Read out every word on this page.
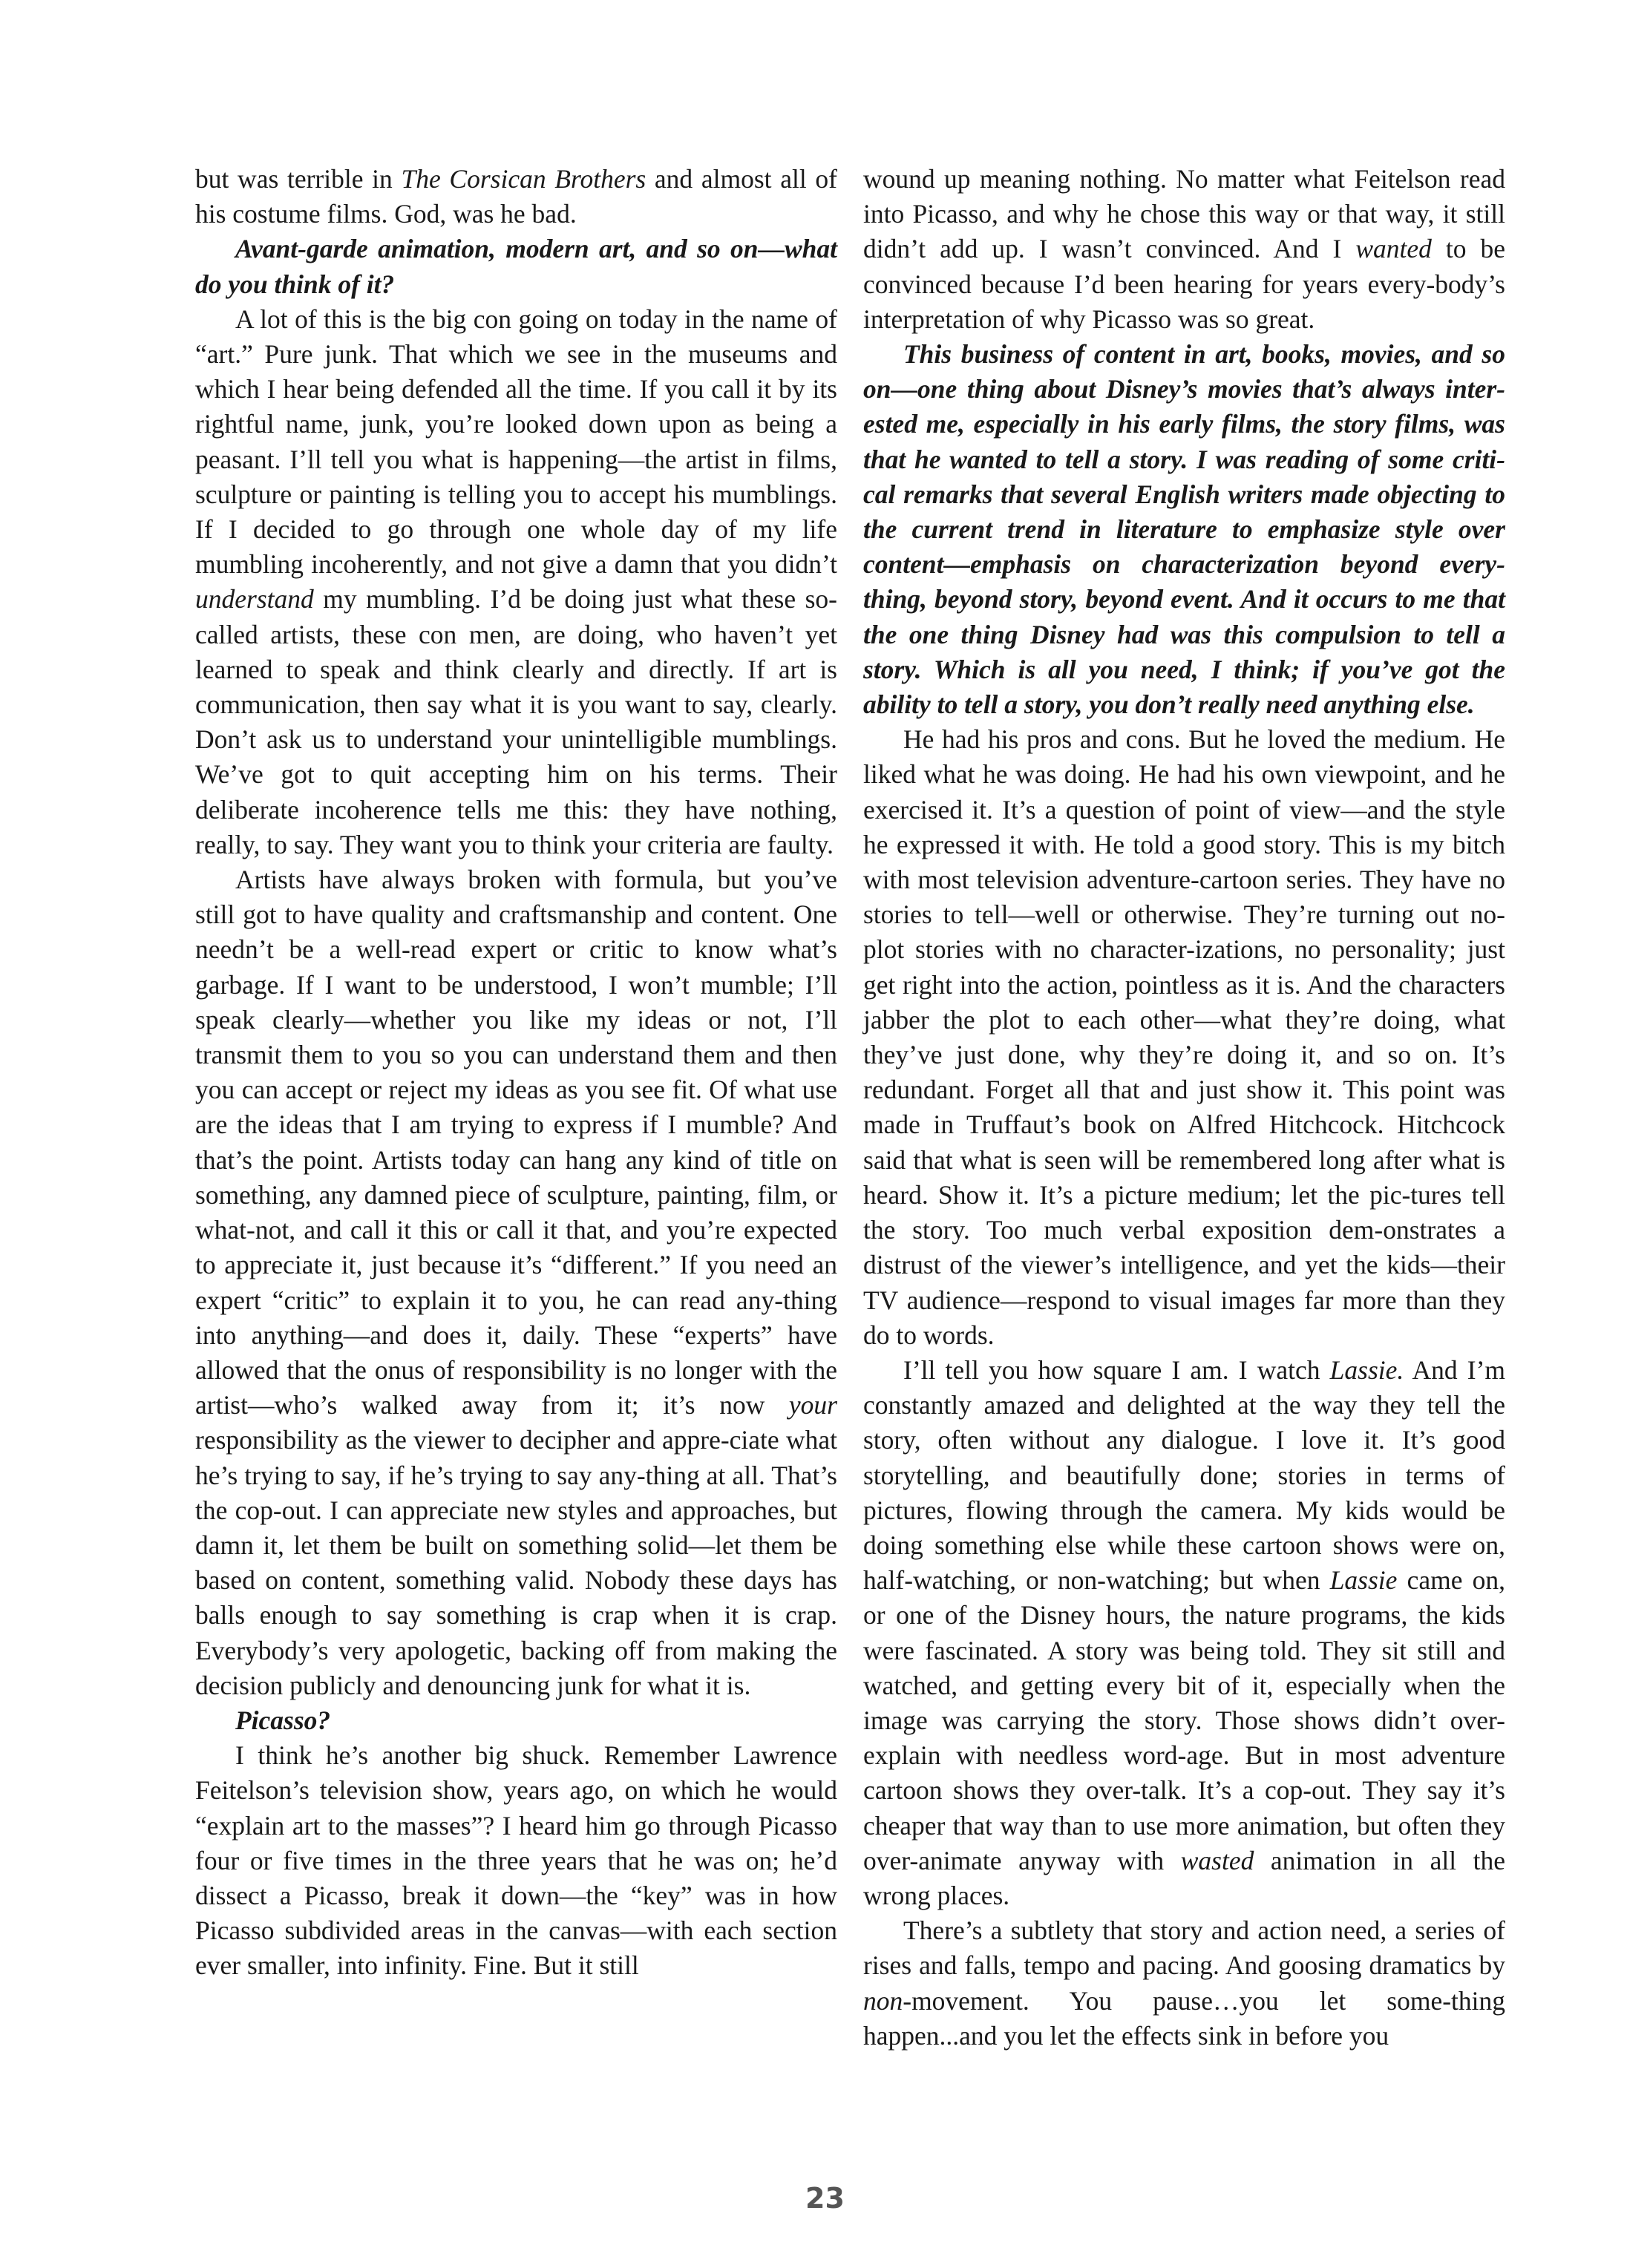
but was terrible in The Corsican Brothers and almost all of his costume films. God, was he bad.

Avant-garde animation, modern art, and so on—what do you think of it?

A lot of this is the big con going on today in the name of “art.” Pure junk. That which we see in the museums and which I hear being defended all the time. If you call it by its rightful name, junk, you’re looked down upon as being a peasant. I’ll tell you what is happening—the artist in films, sculpture or painting is telling you to accept his mumblings. If I decided to go through one whole day of my life mumbling incoherently, and not give a damn that you didn’t understand my mumbling. I’d be doing just what these so-called artists, these con men, are doing, who haven’t yet learned to speak and think clearly and directly. If art is communication, then say what it is you want to say, clearly. Don’t ask us to understand your unintelligible mumblings. We’ve got to quit accepting him on his terms. Their deliberate incoherence tells me this: they have nothing, really, to say. They want you to think your criteria are faulty.

Artists have always broken with formula, but you’ve still got to have quality and craftsmanship and content. One needn’t be a well-read expert or critic to know what’s garbage. If I want to be understood, I won’t mumble; I’ll speak clearly—whether you like my ideas or not, I’ll transmit them to you so you can understand them and then you can accept or reject my ideas as you see fit. Of what use are the ideas that I am trying to express if I mumble? And that’s the point. Artists today can hang any kind of title on something, any damned piece of sculpture, painting, film, or what-not, and call it this or call it that, and you’re expected to appreciate it, just because it’s “different.” If you need an expert “critic” to explain it to you, he can read any-thing into anything—and does it, daily. These “experts” have allowed that the onus of responsibility is no longer with the artist—who’s walked away from it; it’s now your responsibility as the viewer to decipher and appre-ciate what he’s trying to say, if he’s trying to say any-thing at all. That’s the cop-out. I can appreciate new styles and approaches, but damn it, let them be built on something solid—let them be based on content, something valid. Nobody these days has balls enough to say something is crap when it is crap. Everybody’s very apologetic, backing off from making the decision publicly and denouncing junk for what it is.

Picasso?

I think he’s another big shuck. Remember Lawrence Feitelson’s television show, years ago, on which he would “explain art to the masses”? I heard him go through Picasso four or five times in the three years that he was on; he’d dissect a Picasso, break it down—the “key” was in how Picasso subdivided areas in the canvas—with each section ever smaller, into infinity. Fine. But it still

wound up meaning nothing. No matter what Feitelson read into Picasso, and why he chose this way or that way, it still didn’t add up. I wasn’t convinced. And I wanted to be convinced because I’d been hearing for years every-body’s interpretation of why Picasso was so great.

This business of content in art, books, movies, and so on—one thing about Disney’s movies that’s always inter-ested me, especially in his early films, the story films, was that he wanted to tell a story. I was reading of some criti-cal remarks that several English writers made objecting to the current trend in literature to emphasize style over content—emphasis on characterization beyond every-thing, beyond story, beyond event. And it occurs to me that the one thing Disney had was this compulsion to tell a story. Which is all you need, I think; if you’ve got the ability to tell a story, you don’t really need anything else.

He had his pros and cons. But he loved the medium. He liked what he was doing. He had his own viewpoint, and he exercised it. It’s a question of point of view—and the style he expressed it with. He told a good story. This is my bitch with most television adventure-cartoon series. They have no stories to tell—well or otherwise. They’re turning out no-plot stories with no character-izations, no personality; just get right into the action, pointless as it is. And the characters jabber the plot to each other—what they’re doing, what they’ve just done, why they’re doing it, and so on. It’s redundant. Forget all that and just show it. This point was made in Truffaut’s book on Alfred Hitchcock. Hitchcock said that what is seen will be remembered long after what is heard. Show it. It’s a picture medium; let the pic-tures tell the story. Too much verbal exposition dem-onstrates a distrust of the viewer’s intelligence, and yet the kids—their TV audience—respond to visual images far more than they do to words.

I’ll tell you how square I am. I watch Lassie. And I’m constantly amazed and delighted at the way they tell the story, often without any dialogue. I love it. It’s good storytelling, and beautifully done; stories in terms of pictures, flowing through the camera. My kids would be doing something else while these cartoon shows were on, half-watching, or non-watching; but when Lassie came on, or one of the Disney hours, the nature programs, the kids were fascinated. A story was being told. They sit still and watched, and getting every bit of it, especially when the image was carrying the story. Those shows didn’t over-explain with needless word-age. But in most adventure cartoon shows they over-talk. It’s a cop-out. They say it’s cheaper that way than to use more animation, but often they over-animate anyway with wasted animation in all the wrong places.

There’s a subtlety that story and action need, a series of rises and falls, tempo and pacing. And goosing dramatics by non-movement. You pause…you let some-thing happen...and you let the effects sink in before you

23
